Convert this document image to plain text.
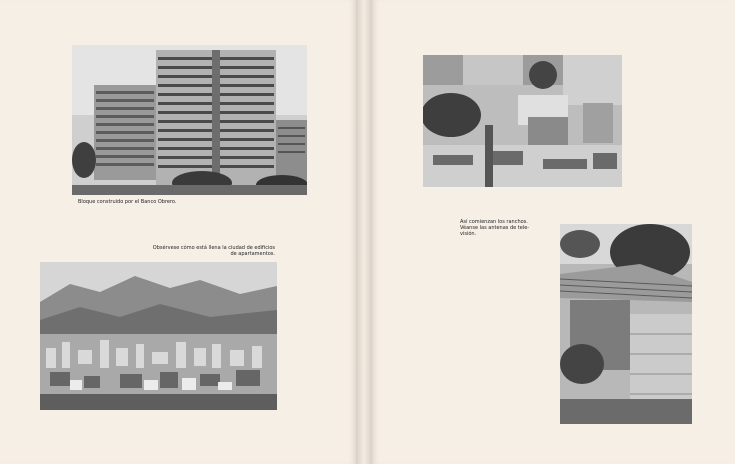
Bloque construido por el Banco Obrero.
Obsérvese cómo está llena la ciudad de edificios
de apartamentos.
Así comienzan los ranchos.
Véanse las antenas de tele-
visión.
